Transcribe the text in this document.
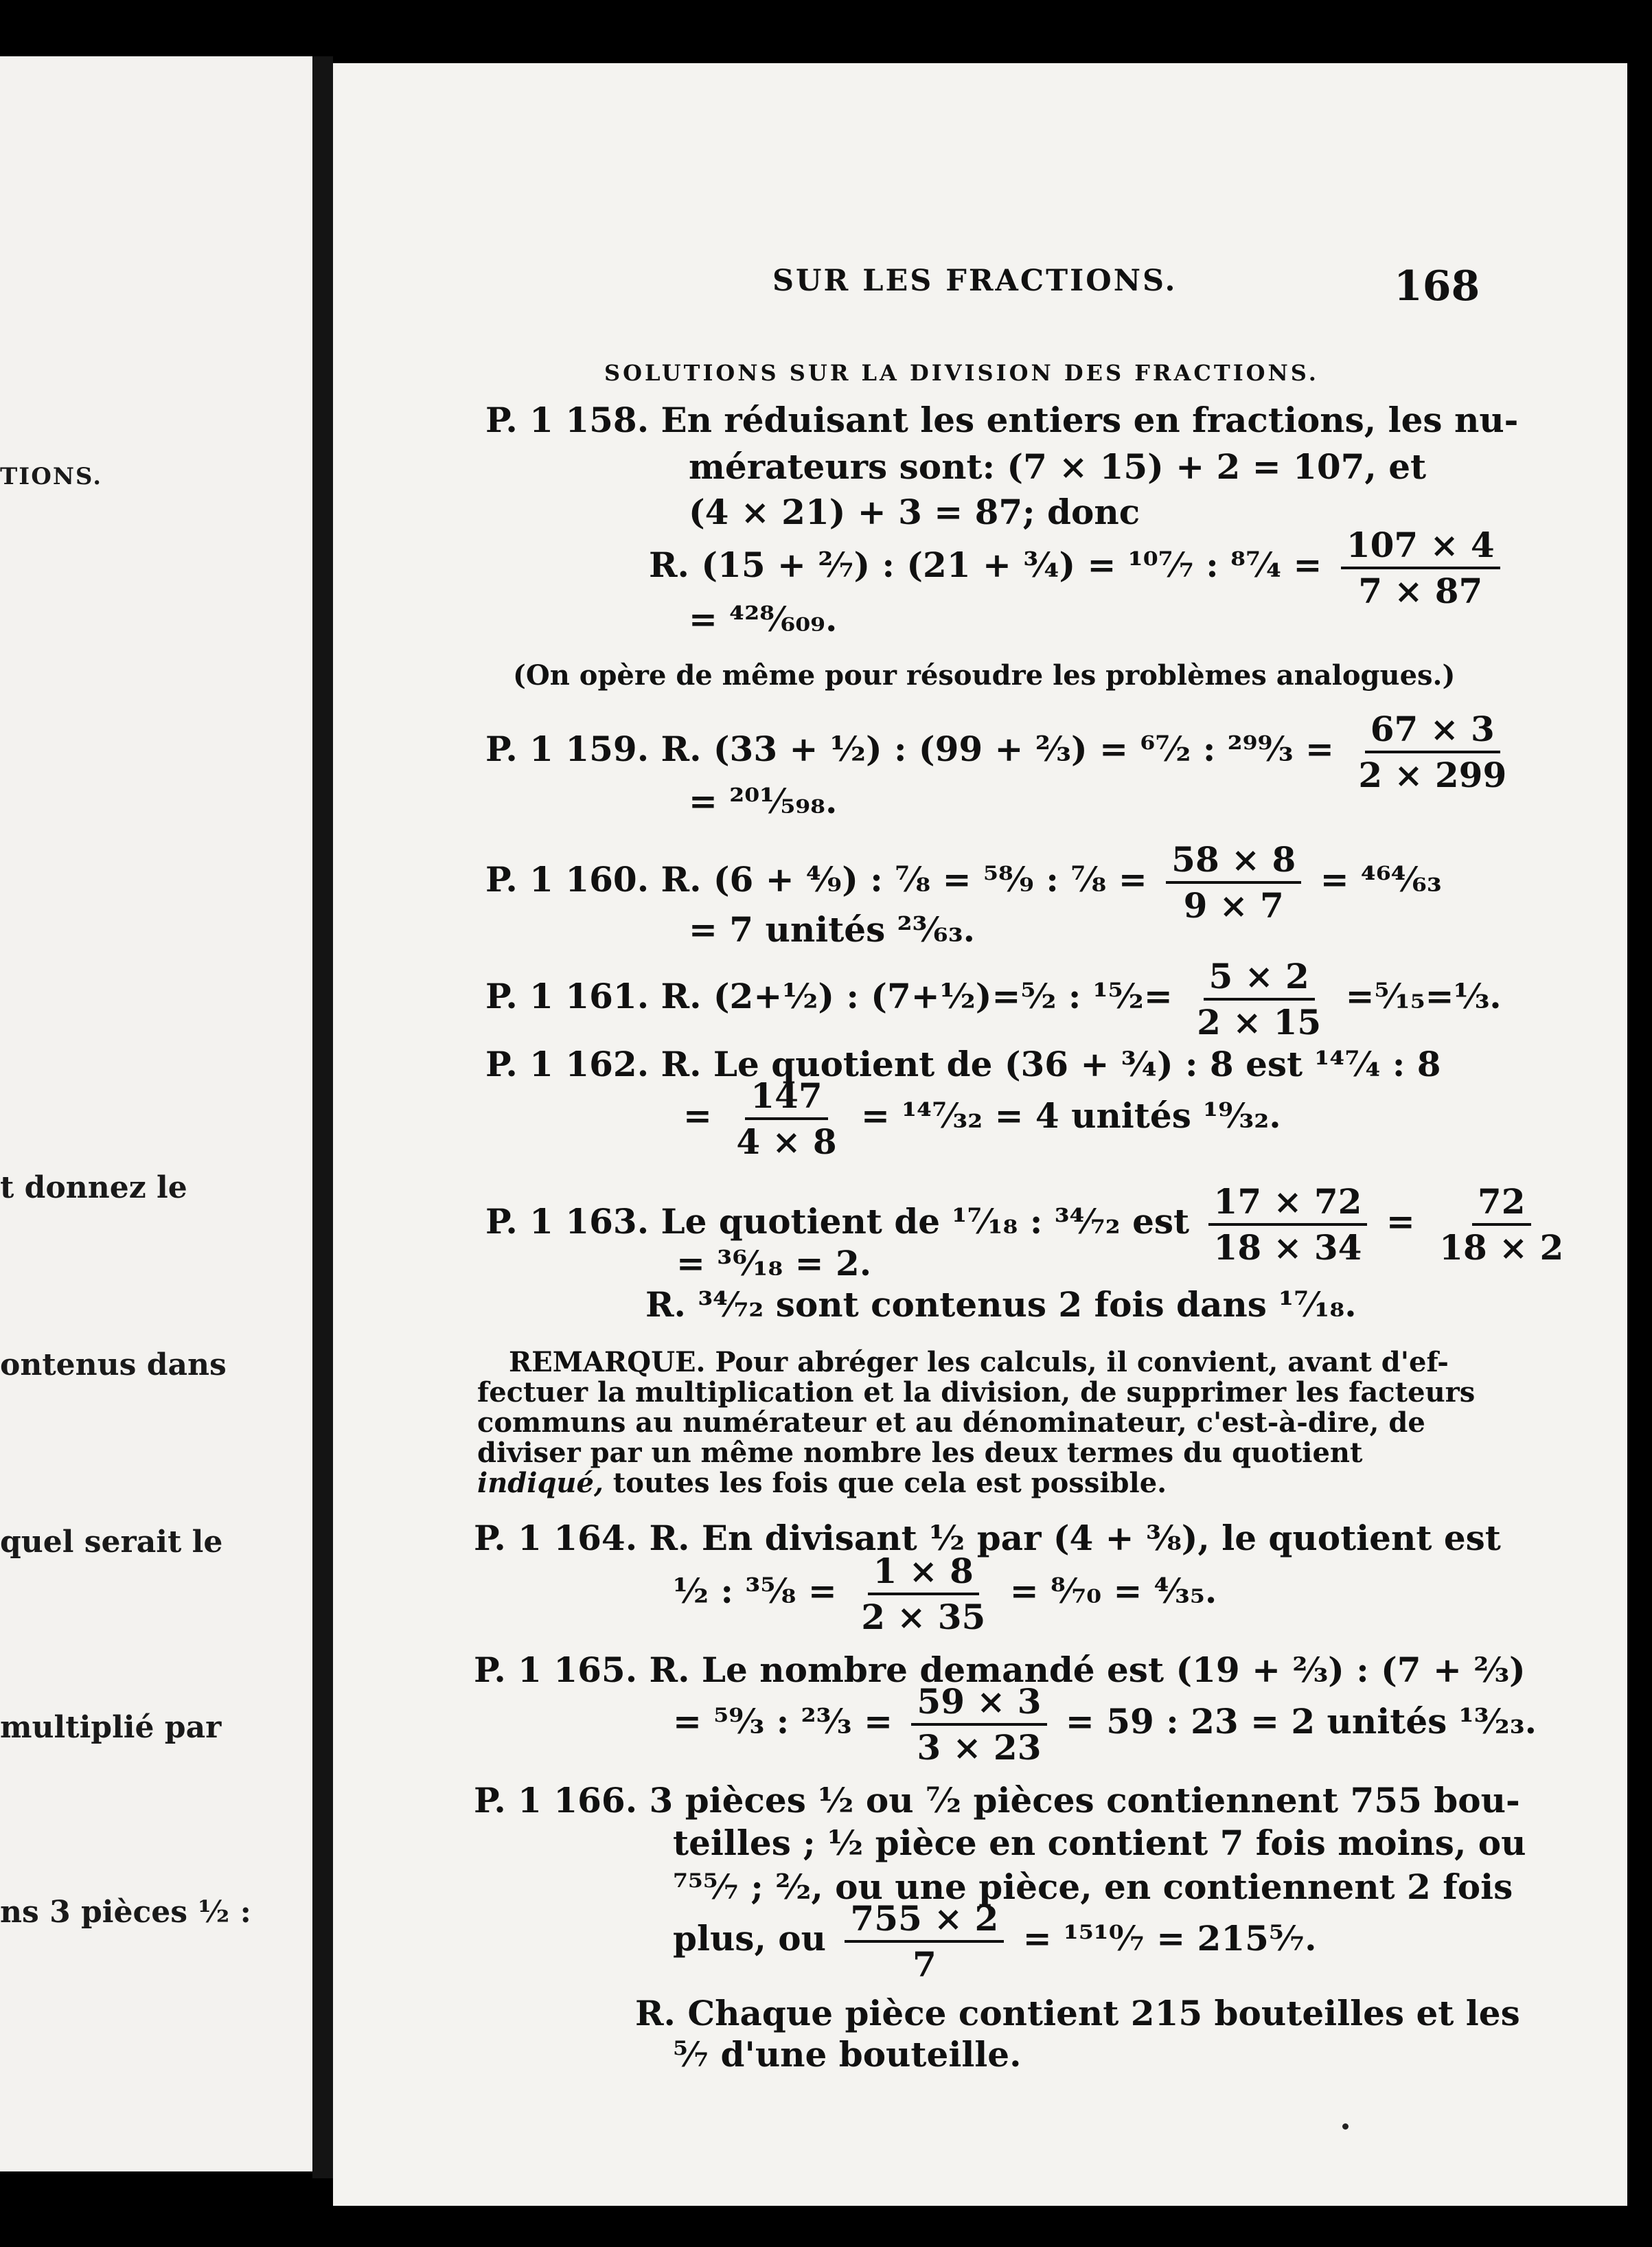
TIONS.
t donnez le
ontenus dans
quel serait le
multiplié par
ns 3 pièces ½ :
SUR LES FRACTIONS.	168
SOLUTIONS SUR LA DIVISION DES FRACTIONS.
P. 1 158. En réduisant les entiers en fractions, les nu-
mérateurs sont: (7 × 15) + 2 = 107, et
(4 × 21) + 3 = 87; donc
R. (15 + ²⁄₇) : (21 + ³⁄₄) = ¹⁰⁷⁄₇ : ⁸⁷⁄₄ = $\frac{107 \times 4}{7 \times 87}$
= ⁴²⁸⁄₆₀₉.
(On opère de même pour résoudre les problèmes analogues.)
P. 1 159. R. (33 + ½) : (99 + ²⁄₃) = ⁶⁷⁄₂ : ²⁹⁹⁄₃ = $\frac{67 \times 3}{2 \times 299}$
= ²⁰¹⁄₅₉₈.
P. 1 160. R. (6 + ⁴⁄₉) : ⁷⁄₈ = ⁵⁸⁄₉ : ⁷⁄₈ = $\frac{58 \times 8}{9 \times 7}$ = ⁴⁶⁴⁄₆₃
= 7 unités ²³⁄₆₃.
P. 1 161. R. (2+½) : (7+½)=⁵⁄₂ : ¹⁵⁄₂= $\frac{5 \times 2}{2 \times 15}$ =⁵⁄₁₅=⅓.
P. 1 162. R. Le quotient de (36 + ¾) : 8 est ¹⁴⁷⁄₄ : 8
= $\frac{147}{4 \times 8}$ = ¹⁴⁷⁄₃₂ = 4 unités ¹⁹⁄₃₂.
P. 1 163. Le quotient de ¹⁷⁄₁₈ : ³⁴⁄₇₂ est $\frac{17 \times 72}{18 \times 34} = \frac{72}{18 \times 2}$
= ³⁶⁄₁₈ = 2.
R. ³⁴⁄₇₂ sont contenus 2 fois dans ¹⁷⁄₁₈.
REMARQUE. Pour abréger les calculs, il convient, avant d'ef-
fectuer la multiplication et la division, de supprimer les facteurs
communs au numérateur et au dénominateur, c'est-à-dire, de
diviser par un même nombre les deux termes du quotient
indiqué, toutes les fois que cela est possible.
P. 1 164. R. En divisant ½ par (4 + ⅜), le quotient est
½ : ³⁵⁄₈ = $\frac{1 \times 8}{2 \times 35}$ = ⁸⁄₇₀ = ⁴⁄₃₅.
P. 1 165. R. Le nombre demandé est (19 + ⅔) : (7 + ⅔)
= ⁵⁹⁄₃ : ²³⁄₃ = $\frac{59 \times 3}{3 \times 23} = 59$ : 23 = 2 unités ¹³⁄₂₃.
P. 1 166. 3 pièces ½ ou ⁷⁄₂ pièces contiennent 755 bou-
teilles ; ½ pièce en contient 7 fois moins, ou
⁷⁵⁵⁄₇ ; ²⁄₂, ou une pièce, en contiennent 2 fois
plus, ou $\frac{755 \times 2}{7}$ = ¹⁵¹⁰⁄₇ = 215⁵⁄₇.
R. Chaque pièce contient 215 bouteilles et les
⁵⁄₇ d'une bouteille.
